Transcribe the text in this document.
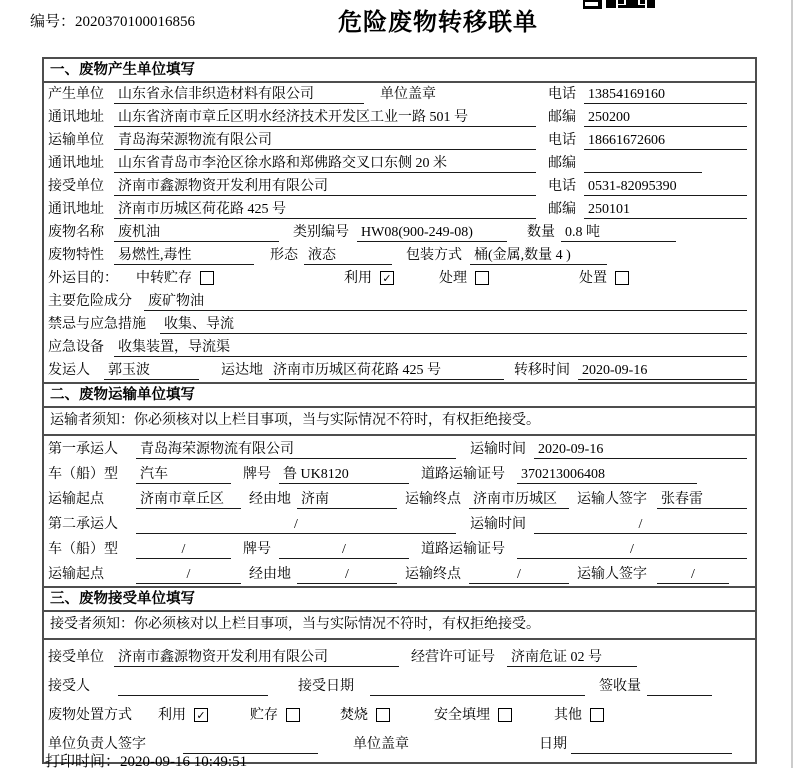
编号：2020370100016856	危险废物转移联单
一、废物产生单位填写
产生单位	山东省永信非织造材料有限公司	单位盖章	电话 13854169160
通讯地址	山东省济南市章丘区明水经济技术开发区工业一路 501 号	邮编 250200
运输单位	青岛海荣源物流有限公司	电话 18661672606
通讯地址	山东省青岛市李沧区徐水路和郑佛路交叉口东侧 20 米	邮编
接受单位	济南市鑫源物资开发利用有限公司	电话 0531-82095390
通讯地址	济南市历城区荷花路 425 号	邮编 250101
废物名称	废机油	类别编号 HW08(900-249-08)	数量 0.8 吨
废物特性	易燃性,毒性	形态 液态	包装方式 桶(金属,数量 4 )
外运目的：	中转贮存	利用 ✓	处理	处置
主要危险成分	废矿物油
禁忌与应急措施	收集、导流
应急设备	收集装置，导流渠
发运人	郭玉波	运达地 济南市历城区荷花路 425 号	转移时间 2020-09-16
二、废物运输单位填写
运输者须知：你必须核对以上栏目事项，当与实际情况不符时，有权拒绝接受。
第一承运人	青岛海荣源物流有限公司	运输时间 2020-09-16
车（船）型	汽车	牌号 鲁 UK8120	道路运输证号	370213006408
运输起点	济南市章丘区	经由地 济南	运输终点 济南市历城区	运输人签字	张春雷
第二承运人	/	运输时间	/
车（船）型	/	牌号	/	道路运输证号	/
运输起点	/	经由地	/	运输终点	/	运输人签字	/
三、废物接受单位填写
接受者须知：你必须核对以上栏目事项，当与实际情况不符时，有权拒绝接受。
接受单位	济南市鑫源物资开发利用有限公司	经营许可证号	济南危证 02 号
接受人	接受日期	签收量
废物处置方式	利用 ✓	贮存	焚烧	安全填埋	其他
单位负责人签字	单位盖章	日期
打印时间：2020-09-16 10:49:51
